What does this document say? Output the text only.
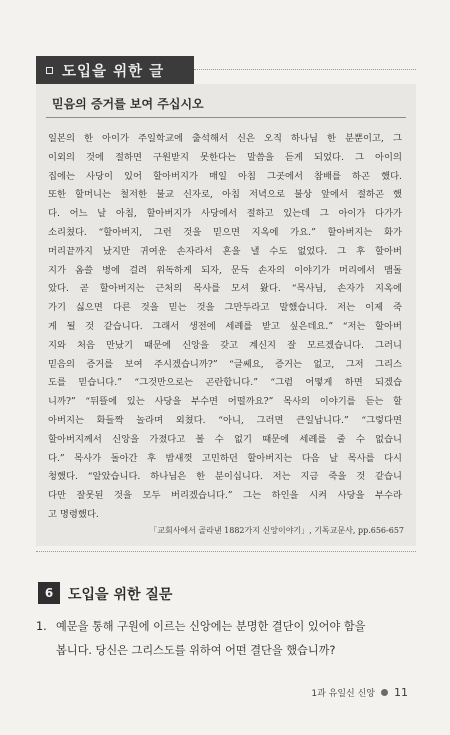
도입을 위한 글
믿음의 증거를 보여 주십시오
일본의 한 아이가 주일학교에 출석해서 신은 오직 하나님 한 분뿐이고, 그
이외의 것에 절하면 구원받지 못한다는 말씀을 듣게 되었다. 그 아이의
집에는 사당이 있어 할아버지가 매일 아침 그곳에서 참배를 하곤 했다.
또한 할머니는 철저한 불교 신자로, 아침 저녁으로 불상 앞에서 절하곤 했
다. 어느 날 아침, 할아버지가 사당에서 절하고 있는데 그 아이가 다가가
소리쳤다. “할아버지, 그런 것을 믿으면 지옥에 가요.” 할아버지는 화가
머리끝까지 났지만 귀여운 손자라서 혼을 낼 수도 없었다. 그 후 할아버
지가 옴쓸 병에 걸려 위독하게 되자, 문득 손자의 이야기가 머리에서 맴돌
았다. 곧 할아버지는 근처의 목사를 모셔 왔다. “목사님, 손자가 지옥에
가기 싫으면 다른 것을 믿는 것을 그만두라고 말했습니다. 저는 이제 죽
게 될 것 같습니다. 그래서 생전에 세례를 받고 싶은데요.” “저는 할아버
지와 처음 만났기 때문에 신앙을 갖고 계신지 잘 모르겠습니다. 그러니
믿음의 증거를 보여 주시겠습니까?” “글쎄요, 증거는 없고, 그저 그리스
도를 믿습니다.” “그것만으로는 곤란합니다.” “그럼 어떻게 하면 되겠습
니까?” “뒤뜰에 있는 사당을 부수면 어떨까요?” 목사의 이야기를 듣는 할
아버지는 화들짝 놀라며 외쳤다. “아니, 그러면 큰일납니다.” “그렇다면
할아버지께서 신앙을 가졌다고 볼 수 없기 때문에 세례를 줄 수 없습니
다.” 목사가 돌아간 후 밤새껏 고민하던 할아버지는 다음 날 목사를 다시
청했다. “알았습니다. 하나님은 한 분이십니다. 저는 지금 죽을 것 같습니
다만 잘못된 것을 모두 버리겠습니다.” 그는 하인을 시켜 사당을 부수라
고 명령했다.
「교회사에서 골라낸 1882가지 신앙이야기」, 기독교문사, pp.656-657
6	도입을 위한 질문
1. 예문을 통해 구원에 이르는 신앙에는 분명한 결단이 있어야 함을
봅니다. 당신은 그리스도를 위하여 어떤 결단을 했습니까?
1과 유일신 신앙 11
